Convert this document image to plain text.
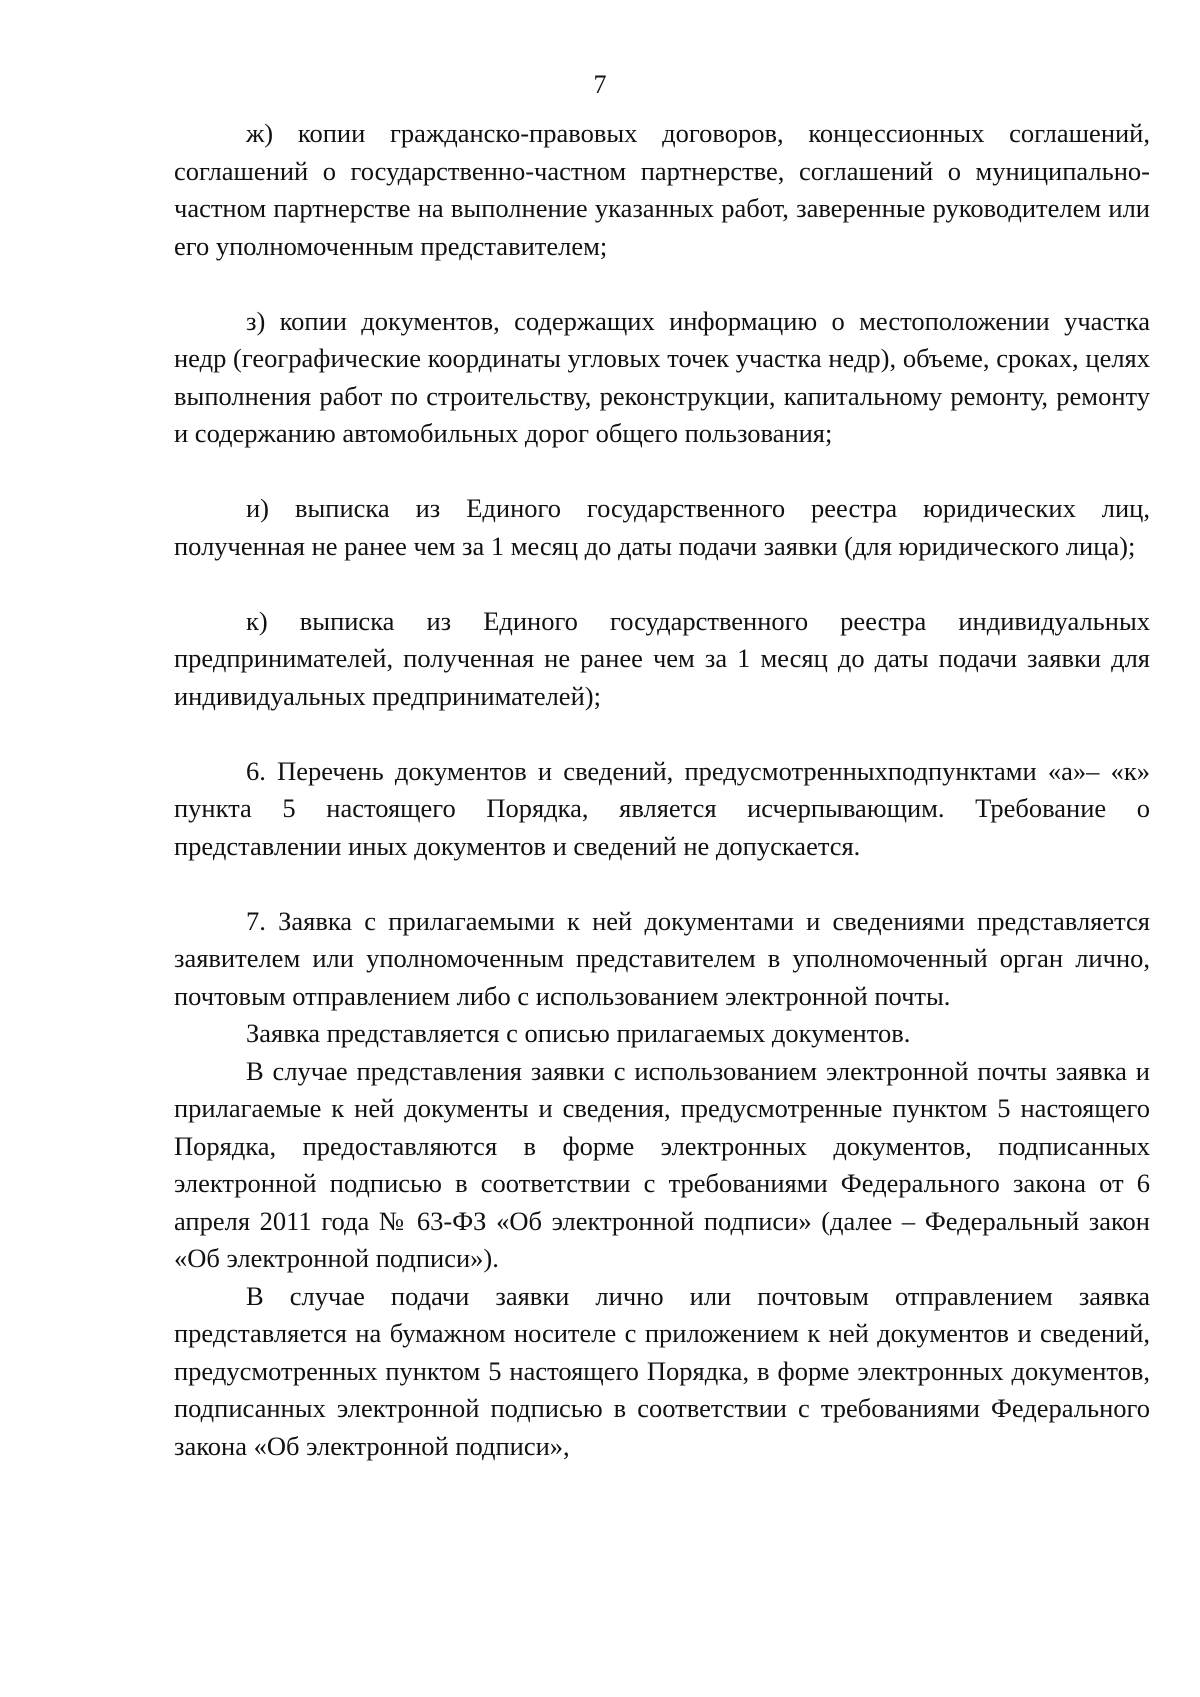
7

ж) копии гражданско-правовых договоров, концессионных соглашений, соглашений о государственно-частном партнерстве, соглашений о муниципально-частном партнерстве на выполнение указанных работ, заверенные руководителем или его уполномоченным представителем;

з) копии документов, содержащих информацию о местоположении участка недр (географические координаты угловых точек участка недр), объеме, сроках, целях выполнения работ по строительству, реконструкции, капитальному ремонту, ремонту и содержанию автомобильных дорог общего пользования;

и) выписка из Единого государственного реестра юридических лиц, полученная не ранее чем за 1 месяц до даты подачи заявки (для юридического лица);

к) выписка из Единого государственного реестра индивидуальных предпринимателей, полученная не ранее чем за 1 месяц до даты подачи заявки для индивидуальных предпринимателей);

6. Перечень документов и сведений, предусмотренныхподпунктами «а»– «к» пункта 5 настоящего Порядка, является исчерпывающим. Требование о представлении иных документов и сведений не допускается.

7. Заявка с прилагаемыми к ней документами и сведениями представляется заявителем или уполномоченным представителем в уполномоченный орган лично, почтовым отправлением либо с использованием электронной почты.

Заявка представляется с описью прилагаемых документов.

В случае представления заявки с использованием электронной почты заявка и прилагаемые к ней документы и сведения, предусмотренные пунктом 5 настоящего Порядка, предоставляются в форме электронных документов, подписанных электронной подписью в соответствии с требованиями Федерального закона от 6 апреля 2011 года № 63-ФЗ «Об электронной подписи» (далее – Федеральный закон «Об электронной подписи»).

В случае подачи заявки лично или почтовым отправлением заявка представляется на бумажном носителе с приложением к ней документов и сведений, предусмотренных пунктом 5 настоящего Порядка, в форме электронных документов, подписанных электронной подписью в соответствии с требованиями Федерального закона «Об электронной подписи»,
